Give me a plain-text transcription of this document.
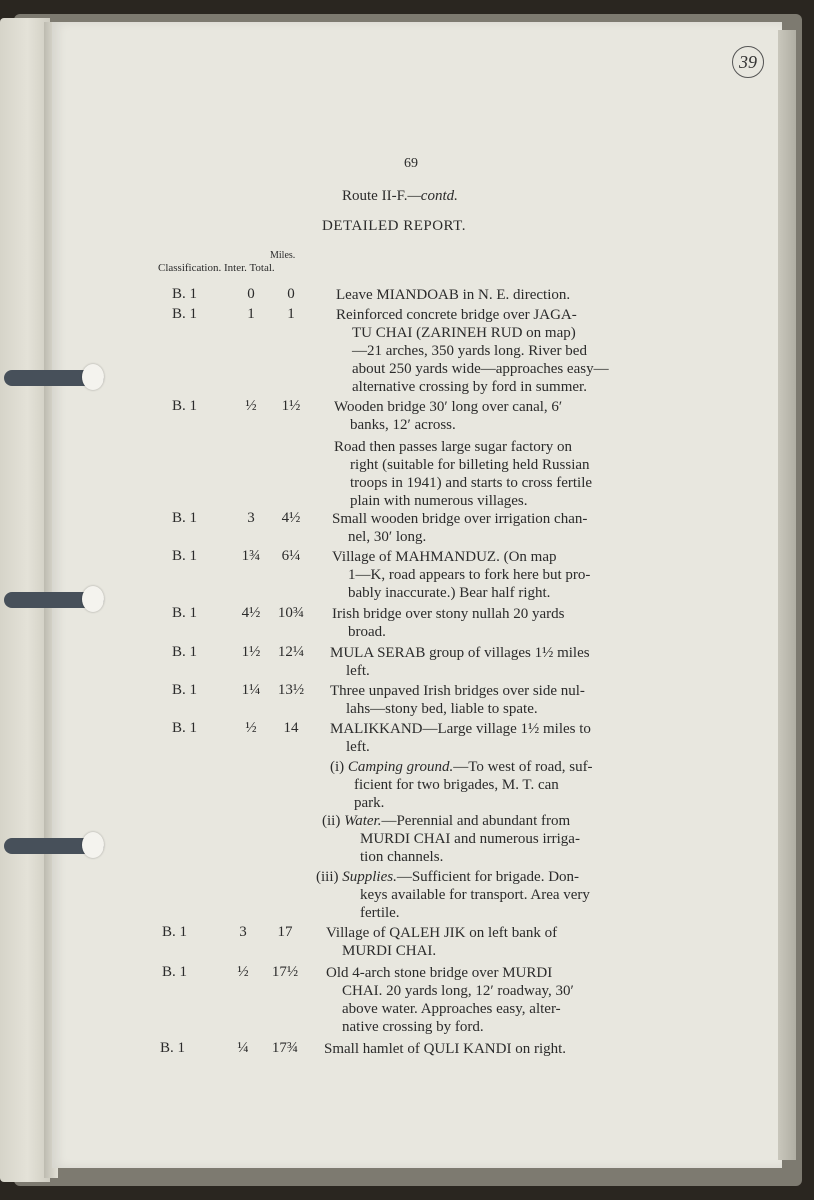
39
69
Route II-F.—contd.
DETAILED REPORT.
Miles.
Classification. Inter. Total.
B. 1	0	0	Leave MIANDOAB in N. E. direction.
B. 1	1	1	Reinforced concrete bridge over JAGA-
TU CHAI (ZARINEH RUD on map)
—21 arches, 350 yards long. River bed
about 250 yards wide—approaches easy—
alternative crossing by ford in summer.
B. 1	½	1½	Wooden bridge 30′ long over canal, 6′
banks, 12′ across.
Road then passes large sugar factory on
right (suitable for billeting held Russian
troops in 1941) and starts to cross fertile
plain with numerous villages.
B. 1	3	4½	Small wooden bridge over irrigation chan-
nel, 30′ long.
B. 1	1¾	6¼	Village of MAHMANDUZ. (On map
1—K, road appears to fork here but pro-
bably inaccurate.) Bear half right.
B. 1	4½	10¾	Irish bridge over stony nullah 20 yards
broad.
B. 1	1½	12¼	MULA SERAB group of villages 1½ miles
left.
B. 1	1¼	13½	Three unpaved Irish bridges over side nul-
lahs—stony bed, liable to spate.
B. 1	½	14	MALIKKAND—Large village 1½ miles to
left.
(i) Camping ground.—To west of road, suf-
ficient for two brigades, M. T. can
park.
(ii) Water.—Perennial and abundant from
MURDI CHAI and numerous irriga-
tion channels.
(iii) Supplies.—Sufficient for brigade. Don-
keys available for transport. Area very
fertile.
B. 1	3	17	Village of QALEH JIK on left bank of
MURDI CHAI.
B. 1	½	17½	Old 4-arch stone bridge over MURDI
CHAI. 20 yards long, 12′ roadway, 30′
above water. Approaches easy, alter-
native crossing by ford.
B. 1	¼	17¾	Small hamlet of QULI KANDI on right.
